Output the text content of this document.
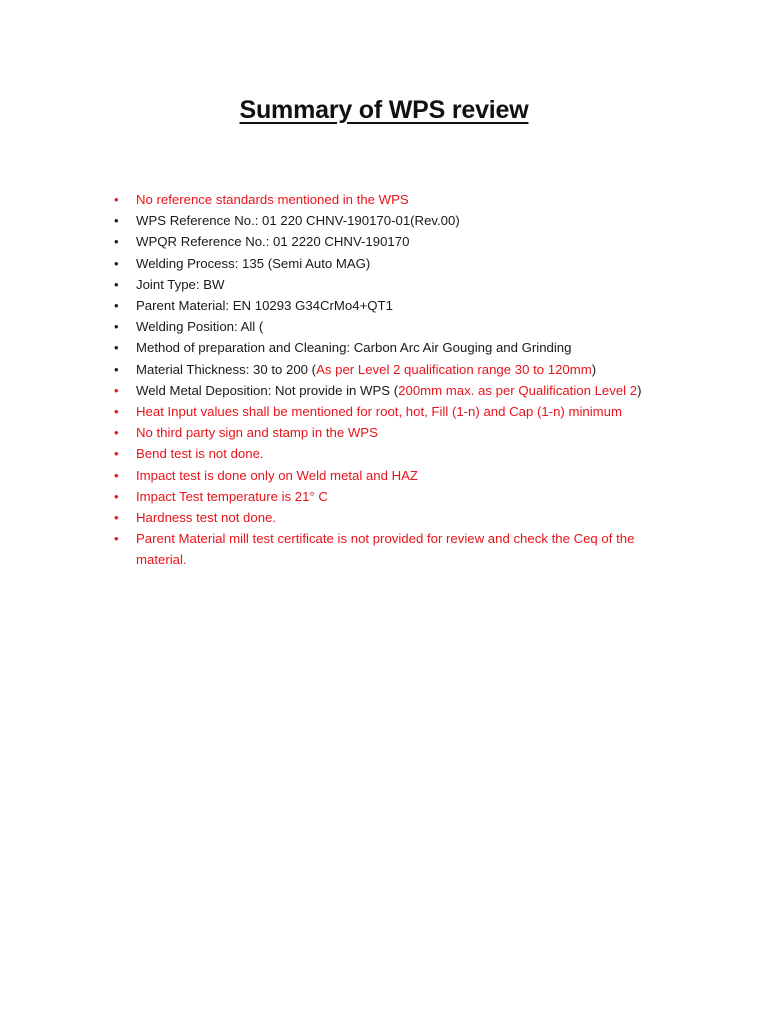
Summary of WPS review
• No reference standards mentioned in the WPS
• WPS Reference No.: 01 220 CHNV-190170-01(Rev.00)
• WPQR Reference No.: 01 2220 CHNV-190170
• Welding Process: 135 (Semi Auto MAG)
• Joint Type: BW
• Parent Material: EN 10293 G34CrMo4+QT1
• Welding Position: All (
• Method of preparation and Cleaning: Carbon Arc Air Gouging and Grinding
• Material Thickness: 30 to 200 (As per Level 2 qualification range 30 to 120mm)
• Weld Metal Deposition: Not provide in WPS (200mm max. as per Qualification Level 2)
• Heat Input values shall be mentioned for root, hot, Fill (1-n) and Cap (1-n) minimum
• No third party sign and stamp in the WPS
• Bend test is not done.
• Impact test is done only on Weld metal and HAZ
• Impact Test temperature is 21° C
• Hardness test not done.
• Parent Material mill test certificate is not provided for review and check the Ceq of the material.
